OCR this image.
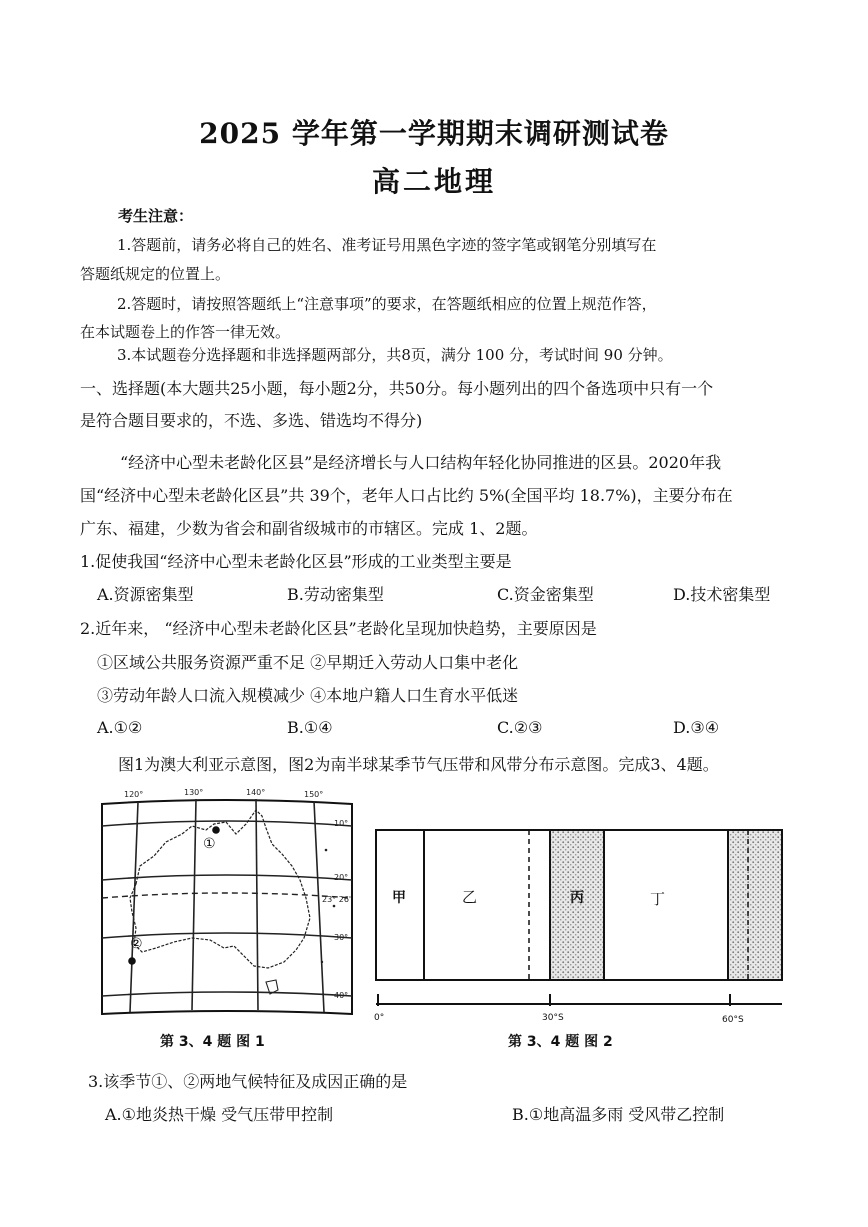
2025 学年第一学期期末调研测试卷
高二地理
考生注意：
1.答题前，请务必将自己的姓名、准考证号用黑色字迹的签字笔或钢笔分别填写在
答题纸规定的位置上。
2.答题时，请按照答题纸上“注意事项”的要求，在答题纸相应的位置上规范作答，
在本试题卷上的作答一律无效。
3.本试题卷分选择题和非选择题两部分，共8页，满分 100 分，考试时间 90 分钟。
一、选择题(本大题共25小题，每小题2分，共50分。每小题列出的四个备选项中只有一个
是符合题目要求的，不选、多选、错选均不得分)
“经济中心型未老龄化区县”是经济增长与人口结构年轻化协同推进的区县。2020年我
国“经济中心型未老龄化区县”共 39个，老年人口占比约 5%(全国平均 18.7%)，主要分布在
广东、福建，少数为省会和副省级城市的市辖区。完成 1、2题。
1.促使我国“经济中心型未老龄化区县”形成的工业类型主要是
A.资源密集型	B.劳动密集型	C.资金密集型	D.技术密集型
2.近年来， “经济中心型未老龄化区县”老龄化呈现加快趋势，主要原因是
①区域公共服务资源严重不足 ②早期迁入劳动人口集中老化
③劳动年龄人口流入规模减少 ④本地户籍人口生育水平低迷
A.①②	B.①④	C.②③	D.③④
图1为澳大利亚示意图，图2为南半球某季节气压带和风带分布示意图。完成3、4题。
①
②
120°	130°	140°	150°
10°
20°
23° 26'
30°
40°
第 3、4 题 图 1
甲	乙	丙	丁
0°	30°S	60°S
第 3、4 题 图 2
3.该季节①、②两地气候特征及成因正确的是
A.①地炎热干燥 受气压带甲控制	B.①地高温多雨 受风带乙控制
